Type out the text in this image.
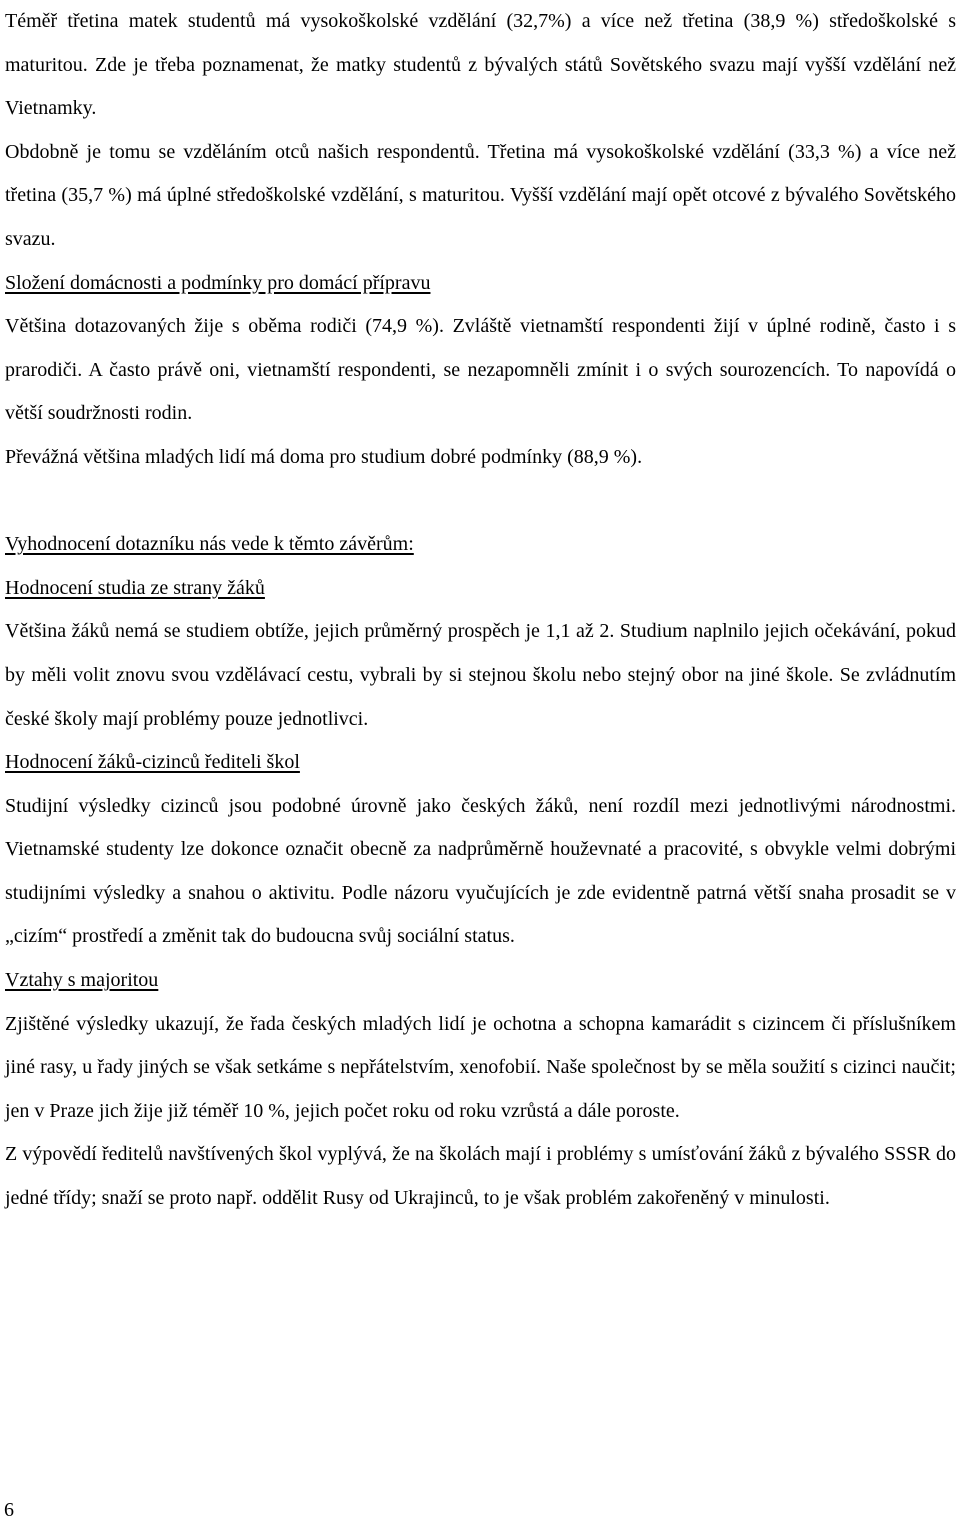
Téměř třetina matek studentů má vysokoškolské vzdělání (32,7%) a více než třetina (38,9 %) středoškolské s maturitou. Zde je třeba poznamenat, že matky studentů z bývalých států Sovětského svazu mají vyšší vzdělání než Vietnamky.

Obdobně je tomu se vzděláním otců našich respondentů. Třetina má vysokoškolské vzdělání (33,3 %) a více než třetina (35,7 %) má úplné středoškolské vzdělání, s maturitou. Vyšší vzdělání mají opět otcové z bývalého Sovětského svazu.

Složení domácnosti a podmínky pro domácí přípravu

Většina dotazovaných žije s oběma rodiči (74,9 %). Zvláště vietnamští respondenti žijí v úplné rodině, často i s prarodiči. A často právě oni, vietnamští respondenti, se nezapomněli zmínit i o svých sourozencích. To napovídá o větší soudržnosti rodin.

Převážná většina mladých lidí má doma pro studium dobré podmínky (88,9 %).

Vyhodnocení dotazníku nás vede k těmto závěrům:

Hodnocení studia ze strany žáků

Většina žáků nemá se studiem obtíže, jejich průměrný prospěch je 1,1 až 2. Studium naplnilo jejich očekávání, pokud by měli volit znovu svou vzdělávací cestu, vybrali by si stejnou školu nebo stejný obor na jiné škole. Se zvládnutím české školy mají problémy pouze jednotlivci.

Hodnocení žáků-cizinců řediteli škol

Studijní výsledky cizinců jsou podobné úrovně jako českých žáků, není rozdíl mezi jednotlivými národnostmi. Vietnamské studenty lze dokonce označit obecně za nadprůměrně houževnaté a pracovité, s obvykle velmi dobrými studijními výsledky a snahou o aktivitu. Podle názoru vyučujících je zde evidentně patrná větší snaha prosadit se v „cizím“ prostředí a změnit tak do budoucna svůj sociální status.

Vztahy s majoritou

Zjištěné výsledky ukazují, že řada českých mladých lidí je ochotna a schopna kamarádit s cizincem či příslušníkem jiné rasy, u řady jiných se však setkáme s nepřátelstvím, xenofobií. Naše společnost by se měla soužití s cizinci naučit; jen v Praze jich žije již téměř 10 %, jejich počet roku od roku vzrůstá a dále poroste.

Z výpovědí ředitelů navštívených škol vyplývá, že na školách mají i problémy s umísťování žáků z bývalého SSSR do jedné třídy; snaží se proto např. oddělit Rusy od Ukrajinců, to je však problém zakořeněný v minulosti.

6
